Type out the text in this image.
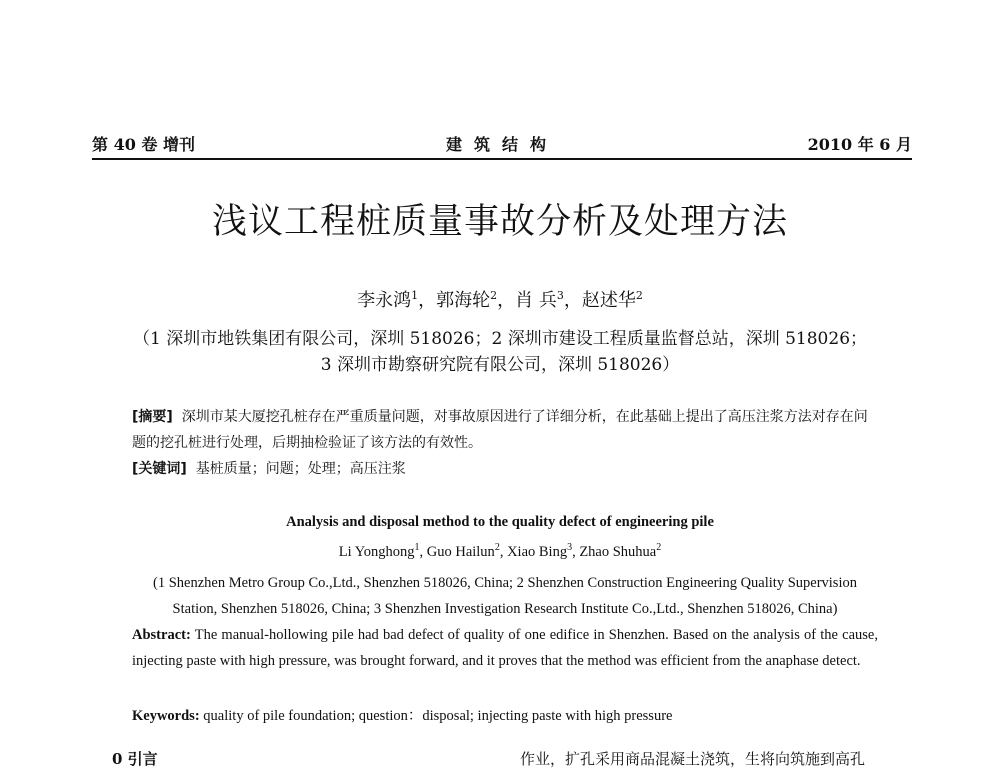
第 40 卷 增刊	建筑结构	2010 年 6 月
浅议工程桩质量事故分析及处理方法
李永鸿$^1$，郭海轮$^2$，肖 兵$^3$，赵述华$^2$
（1 深圳市地铁集团有限公司，深圳 518026；2 深圳市建设工程质量监督总站，深圳 518026；
3 深圳市勘察研究院有限公司，深圳 518026）
[摘要] 深圳市某大厦挖孔桩存在严重质量问题，对事故原因进行了详细分析，在此基础上提出了高压注浆方法对存在问题的挖孔桩进行处理，后期抽检验证了该方法的有效性。
[关键词] 基桩质量；问题；处理；高压注浆
Analysis and disposal method to the quality defect of engineering pile
Li Yonghong$^1$, Guo Hailun$^2$, Xiao Bing$^3$, Zhao Shuhua$^2$
(1 Shenzhen Metro Group Co.,Ltd., Shenzhen 518026, China; 2 Shenzhen Construction Engineering Quality Supervision
Station, Shenzhen 518026, China; 3 Shenzhen Investigation Research Institute Co.,Ltd., Shenzhen 518026, China)
Abstract: The manual-hollowing pile had bad defect of quality of one edifice in Shenzhen. Based on the analysis of the cause, injecting paste with high pressure, was brought forward, and it proves that the method was efficient from the anaphase detect.
Keywords: quality of pile foundation; question：disposal; injecting paste with high pressure
0 引言	作业，扩孔采用商品混凝土浇筑，生将向筑施到高孔
